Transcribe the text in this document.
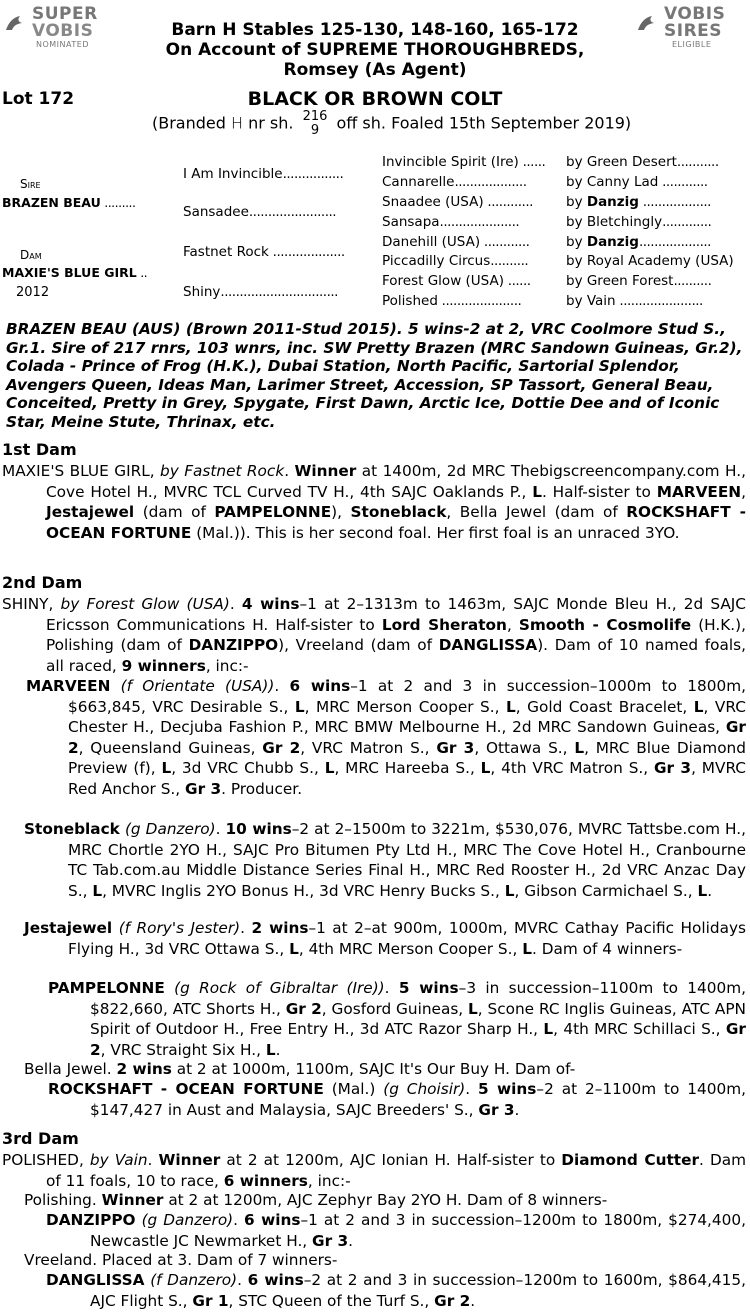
SUPER
VOBIS
NOMINATED
VOBIS
SIRES
ELIGIBLE
Barn H Stables 125-130, 148-160, 165-172
On Account of SUPREME THOROUGHBREDS,
Romsey (As Agent)
Lot 172	BLACK OR BROWN COLT
(Branded H nr sh. 216
9	off sh. Foaled 15th September 2019)
Sire
BRAZEN BEAU .........
Dam
MAXIE'S BLUE GIRL ..
2012
I Am Invincible................
Sansadee.......................
Fastnet Rock ...................
Shiny...............................
Invincible Spirit (Ire) ......
Cannarelle...................
Snaadee (USA) ............
Sansapa.....................
Danehill (USA) ............
Piccadilly Circus..........
Forest Glow (USA) ......
Polished .....................
by Green Desert...........
by Canny Lad ............
by Danzig ..................
by Bletchingly.............
by Danzig...................
by Royal Academy (USA)
by Green Forest..........
by Vain ......................
BRAZEN BEAU (AUS) (Brown 2011-Stud 2015). 5 wins-2 at 2, VRC Coolmore Stud S., Gr.1. Sire of 217 rnrs, 103 wnrs, inc. SW Pretty Brazen (MRC Sandown Guineas, Gr.2), Colada - Prince of Frog (H.K.), Dubai Station, North Pacific, Sartorial Splendor, Avengers Queen, Ideas Man, Larimer Street, Accession, SP Tassort, General Beau, Conceited, Pretty in Grey, Spygate, First Dawn, Arctic Ice, Dottie Dee and of Iconic Star, Meine Stute, Thrinax, etc.
1st Dam
MAXIE'S BLUE GIRL, by Fastnet Rock. Winner at 1400m, 2d MRC Thebigscreencompany.com H., Cove Hotel H., MVRC TCL Curved TV H., 4th SAJC Oaklands P., L. Half-sister to MARVEEN, Jestajewel (dam of PAMPELONNE), Stoneblack, Bella Jewel (dam of ROCKSHAFT - OCEAN FORTUNE (Mal.)). This is her second foal. Her first foal is an unraced 3YO.
2nd Dam
SHINY, by Forest Glow (USA). 4 wins–1 at 2–1313m to 1463m, SAJC Monde Bleu H., 2d SAJC Ericsson Communications H. Half-sister to Lord Sheraton, Smooth - Cosmolife (H.K.), Polishing (dam of DANZIPPO), Vreeland (dam of DANGLISSA). Dam of 10 named foals, all raced, 9 winners, inc:-
MARVEEN (f Orientate (USA)). 6 wins–1 at 2 and 3 in succession–1000m to 1800m, $663,845, VRC Desirable S., L, MRC Merson Cooper S., L, Gold Coast Bracelet, L, VRC Chester H., Decjuba Fashion P., MRC BMW Melbourne H., 2d MRC Sandown Guineas, Gr 2, Queensland Guineas, Gr 2, VRC Matron S., Gr 3, Ottawa S., L, MRC Blue Diamond Preview (f), L, 3d VRC Chubb S., L, MRC Hareeba S., L, 4th VRC Matron S., Gr 3, MVRC Red Anchor S., Gr 3. Producer.
Stoneblack (g Danzero). 10 wins–2 at 2–1500m to 3221m, $530,076, MVRC Tattsbe.com H., MRC Chortle 2YO H., SAJC Pro Bitumen Pty Ltd H., MRC The Cove Hotel H., Cranbourne TC Tab.com.au Middle Distance Series Final H., MRC Red Rooster H., 2d VRC Anzac Day S., L, MVRC Inglis 2YO Bonus H., 3d VRC Henry Bucks S., L, Gibson Carmichael S., L.
Jestajewel (f Rory's Jester). 2 wins–1 at 2–at 900m, 1000m, MVRC Cathay Pacific Holidays Flying H., 3d VRC Ottawa S., L, 4th MRC Merson Cooper S., L. Dam of 4 winners-
PAMPELONNE (g Rock of Gibraltar (Ire)). 5 wins–3 in succession–1100m to 1400m, $822,660, ATC Shorts H., Gr 2, Gosford Guineas, L, Scone RC Inglis Guineas, ATC APN Spirit of Outdoor H., Free Entry H., 3d ATC Razor Sharp H., L, 4th MRC Schillaci S., Gr 2, VRC Straight Six H., L.
Bella Jewel. 2 wins at 2 at 1000m, 1100m, SAJC It's Our Buy H. Dam of-
ROCKSHAFT - OCEAN FORTUNE (Mal.) (g Choisir). 5 wins–2 at 2–1100m to 1400m, $147,427 in Aust and Malaysia, SAJC Breeders' S., Gr 3.
3rd Dam
POLISHED, by Vain. Winner at 2 at 1200m, AJC Ionian H. Half-sister to Diamond Cutter. Dam of 11 foals, 10 to race, 6 winners, inc:-
Polishing. Winner at 2 at 1200m, AJC Zephyr Bay 2YO H. Dam of 8 winners-
DANZIPPO (g Danzero). 6 wins–1 at 2 and 3 in succession–1200m to 1800m, $274,400, Newcastle JC Newmarket H., Gr 3.
Vreeland. Placed at 3. Dam of 7 winners-
DANGLISSA (f Danzero). 6 wins–2 at 2 and 3 in succession–1200m to 1600m, $864,415, AJC Flight S., Gr 1, STC Queen of the Turf S., Gr 2.
